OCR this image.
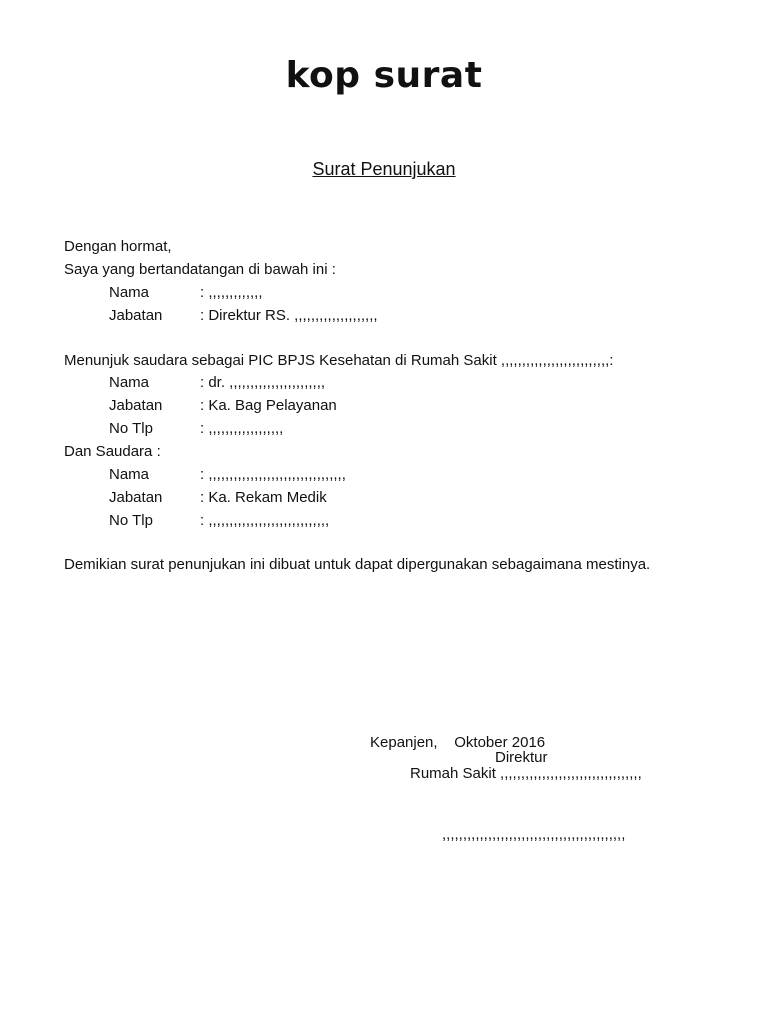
kop surat
Surat Penunjukan
Dengan hormat,
Saya yang bertandatangan di bawah ini :
Nama	: ,,,,,,,,,,,,,
Jabatan	: Direktur RS. ,,,,,,,,,,,,,,,,,,,,
Menunjuk saudara sebagai PIC BPJS Kesehatan di Rumah Sakit ,,,,,,,,,,,,,,,,,,,,,,,,,,:
Nama	: dr. ,,,,,,,,,,,,,,,,,,,,,,,
Jabatan	: Ka. Bag Pelayanan
No Tlp	: ,,,,,,,,,,,,,,,,,,
Dan Saudara :
Nama	: ,,,,,,,,,,,,,,,,,,,,,,,,,,,,,,,,,
Jabatan	: Ka. Rekam Medik
No Tlp	: ,,,,,,,,,,,,,,,,,,,,,,,,,,,,,
Demikian surat penunjukan ini dibuat untuk dapat dipergunakan sebagaimana mestinya.
Kepanjen,    Oktober 2016
Direktur
Rumah Sakit ,,,,,,,,,,,,,,,,,,,,,,,,,,,,,,,,,,
,,,,,,,,,,,,,,,,,,,,,,,,,,,,,,,,,,,,,,,,,,,,
